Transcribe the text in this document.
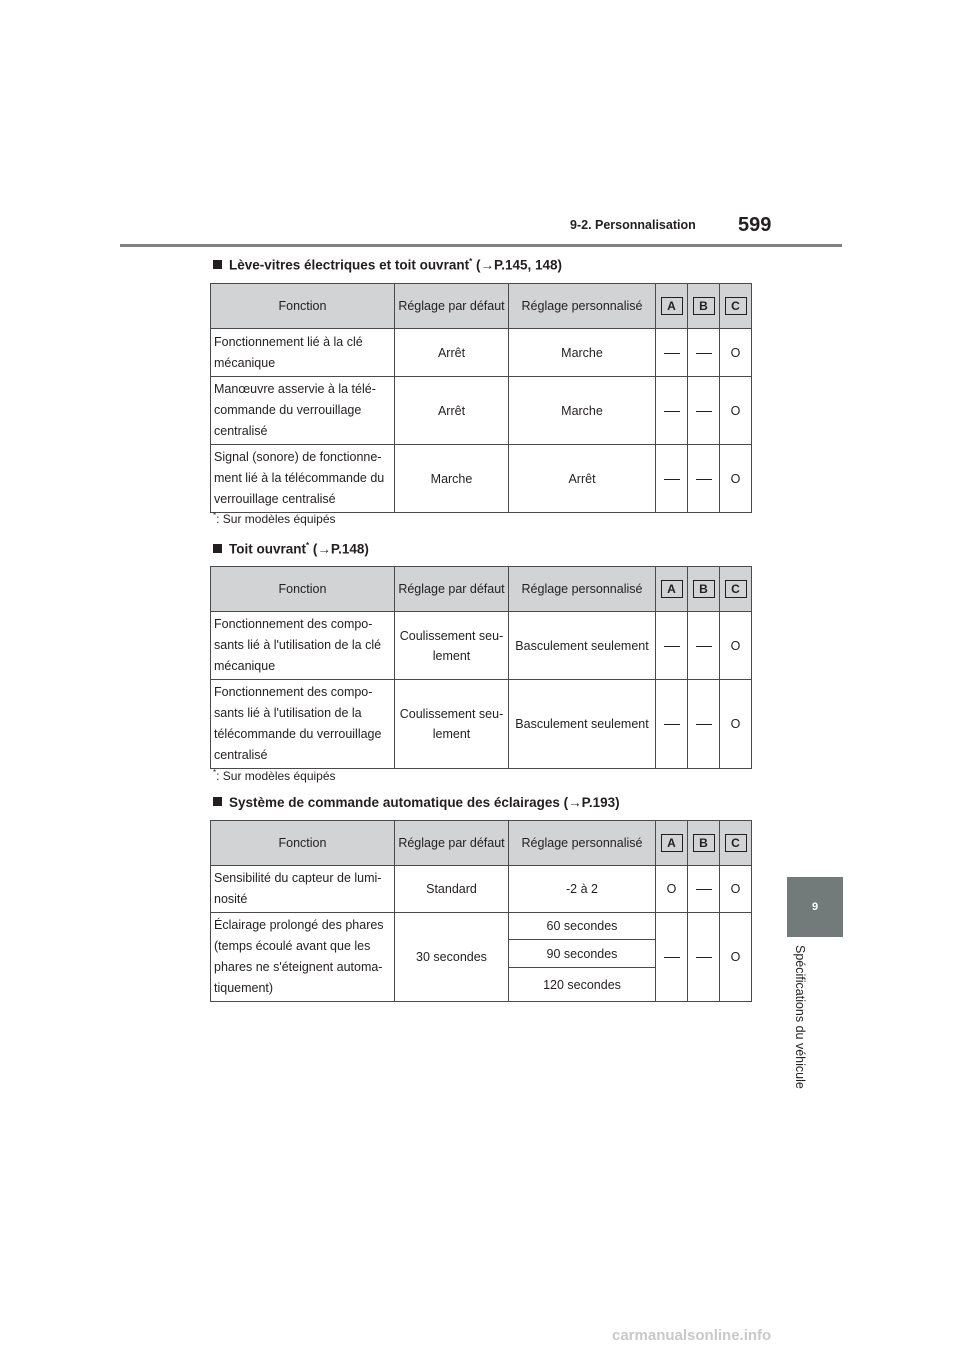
9-2. Personnalisation 599
9
Spécifications du véhicule
Lève-vitres électriques et toit ouvrant* (→P.145, 148)
Fonction	Réglage par défaut	Réglage personnalisé	A	B	C
Fonctionnement lié à la clé mécanique	Arrêt	Marche			O
Manœuvre asservie à la télé-commande du verrouillage centralisé	Arrêt	Marche			O
Signal (sonore) de fonctionne-ment lié à la télécommande du verrouillage centralisé	Marche	Arrêt			O
*: Sur modèles équipés
Toit ouvrant* (→P.148)
Fonction	Réglage par défaut	Réglage personnalisé	A	B	C
Fonctionnement des compo-sants lié à l'utilisation de la clé mécanique	Coulissement seu-lement	Basculement seulement			O
Fonctionnement des compo-sants lié à l'utilisation de la télécommande du verrouillage centralisé	Coulissement seu-lement	Basculement seulement			O
*: Sur modèles équipés
Système de commande automatique des éclairages (→P.193)
Fonction	Réglage par défaut	Réglage personnalisé	A	B	C
Sensibilité du capteur de lumi-nosité	Standard	-2 à 2	O		O
Éclairage prolongé des phares (temps écoulé avant que les phares ne s'éteignent automa-tiquement)	30 secondes	60 secondes			O
		90 secondes			
		120 secondes			
carmanualsonline.info
